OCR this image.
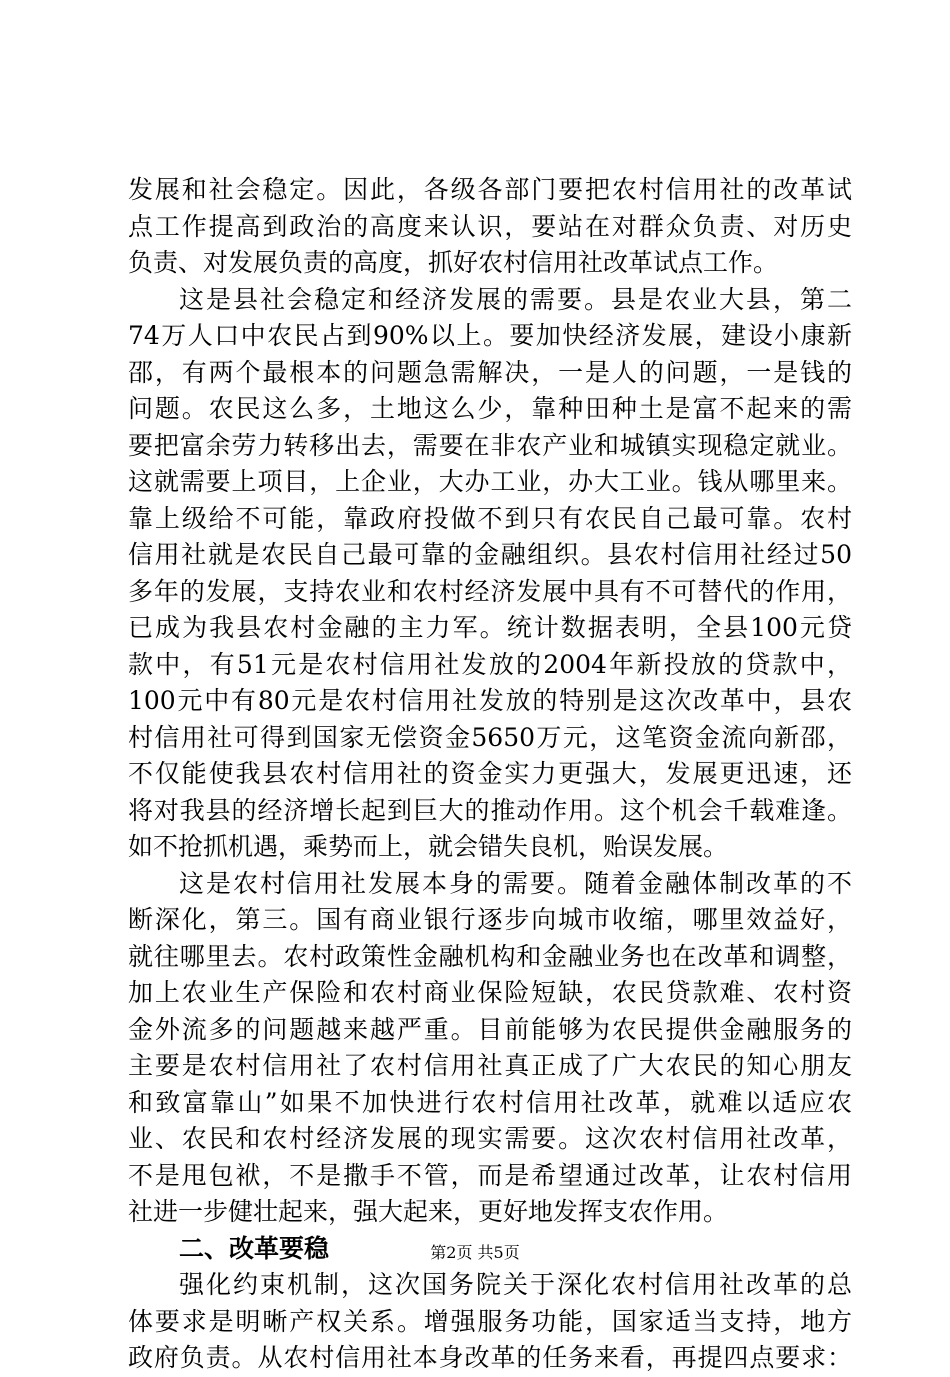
发展和社会稳定。因此，各级各部门要把农村信用社的改革试
点工作提高到政治的高度来认识，要站在对群众负责、对历史
负责、对发展负责的高度，抓好农村信用社改革试点工作。
这是县社会稳定和经济发展的需要。县是农业大县，第二
74万人口中农民占到90%以上。要加快经济发展，建设小康新
邵，有两个最根本的问题急需解决，一是人的问题，一是钱的
问题。农民这么多，土地这么少，靠种田种土是富不起来的需
要把富余劳力转移出去，需要在非农产业和城镇实现稳定就业。
这就需要上项目，上企业，大办工业，办大工业。钱从哪里来。
靠上级给不可能，靠政府投做不到只有农民自己最可靠。农村
信用社就是农民自己最可靠的金融组织。县农村信用社经过50
多年的发展，支持农业和农村经济发展中具有不可替代的作用，
已成为我县农村金融的主力军。统计数据表明，全县100元贷
款中，有51元是农村信用社发放的2004年新投放的贷款中，
100元中有80元是农村信用社发放的特别是这次改革中，县农
村信用社可得到国家无偿资金5650万元，这笔资金流向新邵，
不仅能使我县农村信用社的资金实力更强大，发展更迅速，还
将对我县的经济增长起到巨大的推动作用。这个机会千载难逢。
如不抢抓机遇，乘势而上，就会错失良机，贻误发展。
这是农村信用社发展本身的需要。随着金融体制改革的不
断深化，第三。国有商业银行逐步向城市收缩，哪里效益好，
就往哪里去。农村政策性金融机构和金融业务也在改革和调整，
加上农业生产保险和农村商业保险短缺，农民贷款难、农村资
金外流多的问题越来越严重。目前能够为农民提供金融服务的
主要是农村信用社了农村信用社真正成了广大农民的知心朋友
和致富靠山”如果不加快进行农村信用社改革，就难以适应农
业、农民和农村经济发展的现实需要。这次农村信用社改革，
不是甩包袱，不是撒手不管，而是希望通过改革，让农村信用
社进一步健壮起来，强大起来，更好地发挥支农作用。
二、改革要稳
强化约束机制，这次国务院关于深化农村信用社改革的总
体要求是明晰产权关系。增强服务功能，国家适当支持，地方
政府负责。从农村信用社本身改革的任务来看，再提四点要求：
第2页 共5页
